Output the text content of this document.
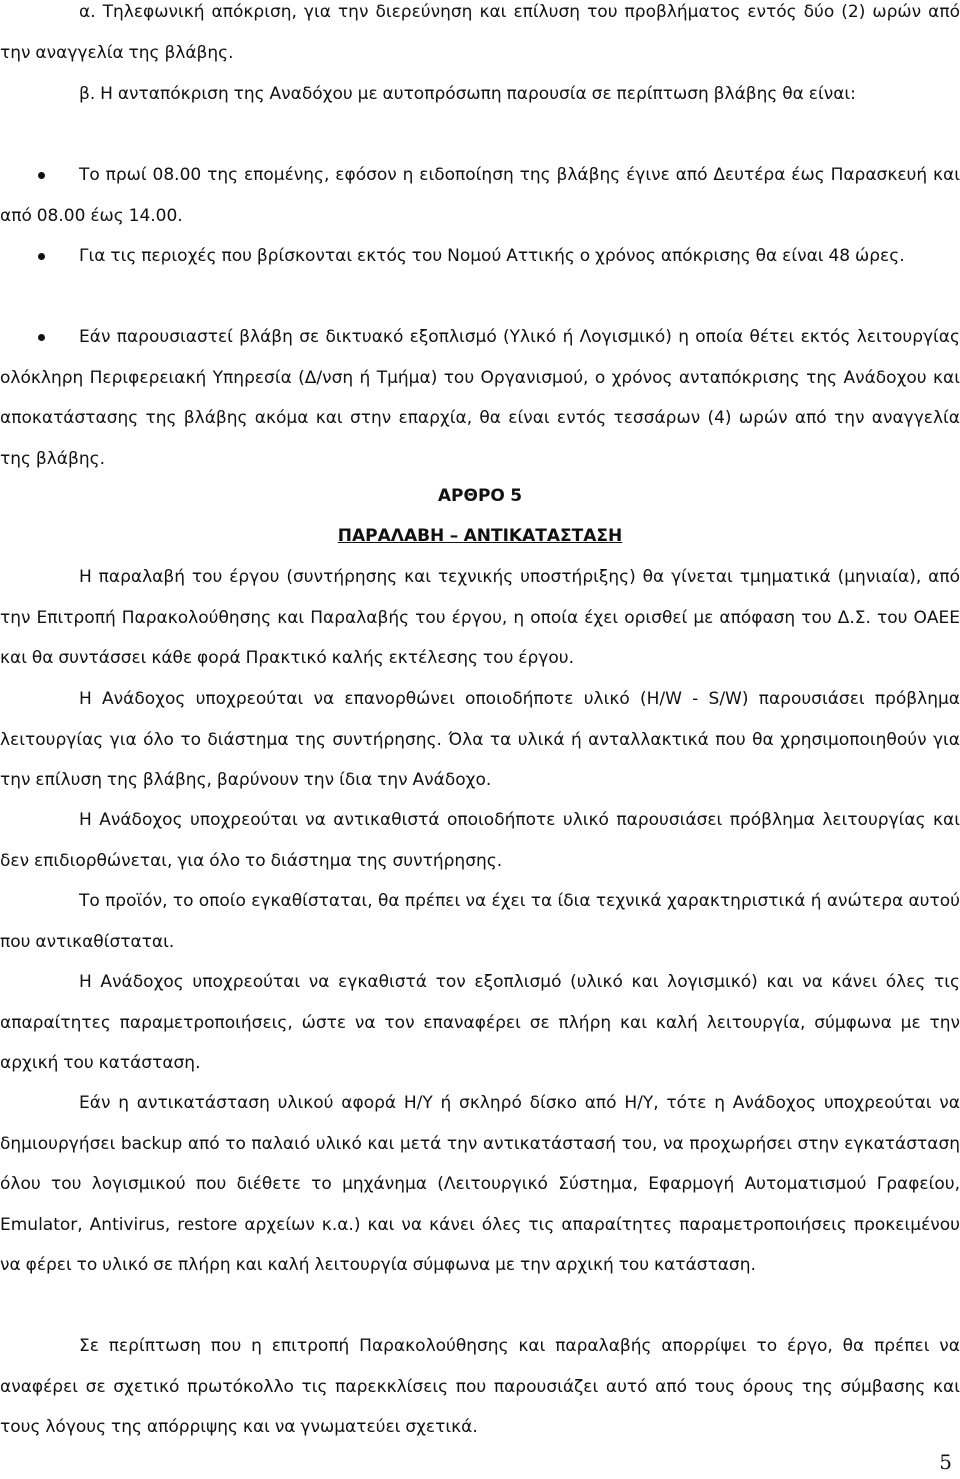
α. Τηλεφωνική απόκριση, για την διερεύνηση και επίλυση του προβλήματος εντός δύο (2) ωρών από την αναγγελία της βλάβης.

β. Η ανταπόκριση της Αναδόχου με αυτοπρόσωπη παρουσία σε περίπτωση βλάβης θα είναι:

Το πρωί 08.00 της επομένης, εφόσον η ειδοποίηση της βλάβης έγινε από Δευτέρα έως Παρασκευή και από 08.00 έως 14.00.
Για τις περιοχές που βρίσκονται εκτός του Νομού Αττικής ο χρόνος απόκρισης θα είναι 48 ώρες.
Εάν παρουσιαστεί βλάβη σε δικτυακό εξοπλισμό (Υλικό ή Λογισμικό) η οποία θέτει εκτός λειτουργίας ολόκληρη Περιφερειακή Υπηρεσία (Δ/νση ή Τμήμα) του Οργανισμού, ο χρόνος ανταπόκρισης της Ανάδοχου και αποκατάστασης της βλάβης ακόμα και στην επαρχία, θα είναι εντός τεσσάρων (4) ωρών από την αναγγελία της βλάβης.

ΑΡΘΡΟ 5

ΠΑΡΑΛΑΒΗ – ΑΝΤΙΚΑΤΑΣΤΑΣΗ

Η παραλαβή του έργου (συντήρησης και τεχνικής υποστήριξης) θα γίνεται τμηματικά (μηνιαία), από την Επιτροπή Παρακολούθησης και Παραλαβής του έργου, η οποία έχει ορισθεί με απόφαση του Δ.Σ. του ΟΑΕΕ και θα συντάσσει κάθε φορά Πρακτικό καλής εκτέλεσης του έργου.

Η Ανάδοχος υποχρεούται να επανορθώνει οποιοδήποτε υλικό (H/W - S/W) παρουσιάσει πρόβλημα λειτουργίας για όλο το διάστημα της συντήρησης. Όλα τα υλικά ή ανταλλακτικά που θα χρησιμοποιηθούν για την επίλυση της βλάβης, βαρύνουν την ίδια την Ανάδοχο.

Η Ανάδοχος υποχρεούται να αντικαθιστά οποιοδήποτε υλικό παρουσιάσει πρόβλημα λειτουργίας και δεν επιδιορθώνεται, για όλο το διάστημα της συντήρησης.

Το προϊόν, το οποίο εγκαθίσταται, θα πρέπει να έχει τα ίδια τεχνικά χαρακτηριστικά ή ανώτερα αυτού που αντικαθίσταται.

Η Ανάδοχος υποχρεούται να εγκαθιστά τον εξοπλισμό (υλικό και λογισμικό) και να κάνει όλες τις απαραίτητες παραμετροποιήσεις, ώστε να τον επαναφέρει σε πλήρη και καλή λειτουργία, σύμφωνα με την αρχική του κατάσταση.

Εάν η αντικατάσταση υλικού αφορά Η/Υ ή σκληρό δίσκο από Η/Υ, τότε η Ανάδοχος υποχρεούται να δημιουργήσει backup από το παλαιό υλικό και μετά την αντικατάστασή του, να προχωρήσει στην εγκατάσταση όλου του λογισμικού που διέθετε το μηχάνημα (Λειτουργικό Σύστημα, Εφαρμογή Αυτοματισμού Γραφείου, Emulator, Antivirus, restore αρχείων κ.α.) και να κάνει όλες τις απαραίτητες παραμετροποιήσεις προκειμένου να φέρει το υλικό σε πλήρη και καλή λειτουργία σύμφωνα με την αρχική του κατάσταση.

Σε περίπτωση που η επιτροπή Παρακολούθησης και παραλαβής απορρίψει το έργο, θα πρέπει να αναφέρει σε σχετικό πρωτόκολλο τις παρεκκλίσεις που παρουσιάζει αυτό από τους όρους της σύμβασης και τους λόγους της απόρριψης και να γνωματεύει σχετικά.

5
